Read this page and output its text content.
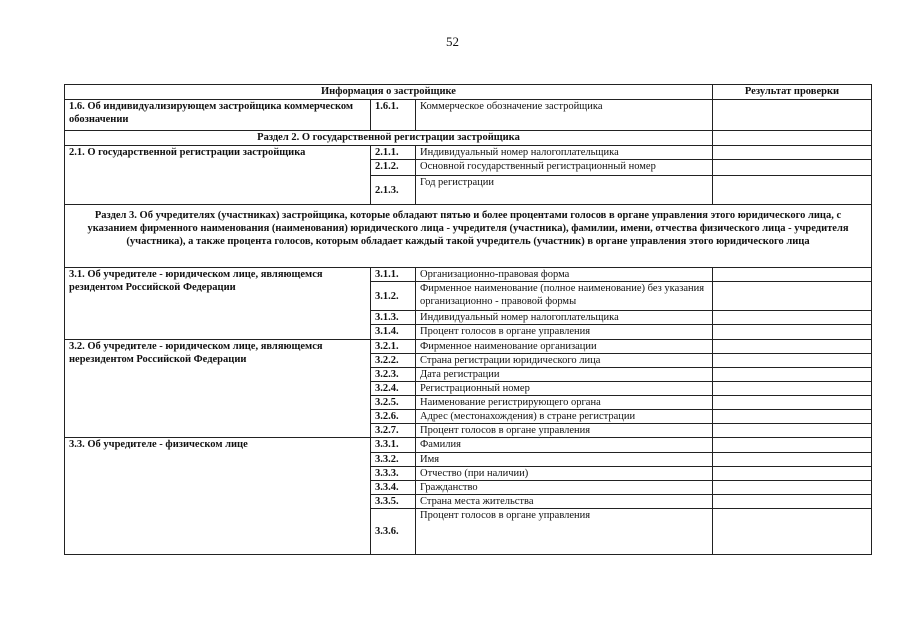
52
Информация о застройщике			Результат проверки
1.6. Об индивидуализирующем застройщика коммерческом обозначении	1.6.1.	Коммерческое обозначение застройщика	
Раздел 2. О государственной регистрации застройщика			
2.1. О государственной регистрации застройщика	2.1.1.	Индивидуальный номер налогоплательщика	
	2.1.2.	Основной государственный регистрационный номер	
	2.1.3.	Год регистрации	
Раздел 3. Об учредителях (участниках) застройщика, которые обладают пятью и более процентами голосов в органе управления этого юридического лица, с указанием фирменного наименования (наименования) юридического лица - учредителя (участника), фамилии, имени, отчества физического лица - учредителя (участника), а также процента голосов, которым обладает каждый такой учредитель (участник) в органе управления этого юридического лица			
3.1. Об учредителе - юридическом лице, являющемся резидентом Российской Федерации	3.1.1.	Организационно-правовая форма	
	3.1.2.	Фирменное наименование (полное наименование) без указания организационно - правовой формы	
	3.1.3.	Индивидуальный номер налогоплательщика	
	3.1.4.	Процент голосов в органе управления	
3.2. Об учредителе - юридическом лице, являющемся нерезидентом Российской Федерации	3.2.1.	Фирменное наименование организации	
	3.2.2.	Страна регистрации юридического лица	
	3.2.3.	Дата регистрации	
	3.2.4.	Регистрационный номер	
	3.2.5.	Наименование регистрирующего органа	
	3.2.6.	Адрес (местонахождения) в стране регистрации	
	3.2.7.	Процент голосов в органе управления	
3.3. Об учредителе - физическом лице	3.3.1.	Фамилия	
	3.3.2.	Имя	
	3.3.3.	Отчество (при наличии)	
	3.3.4.	Гражданство	
	3.3.5.	Страна места жительства	
	3.3.6.	Процент голосов в органе управления	
